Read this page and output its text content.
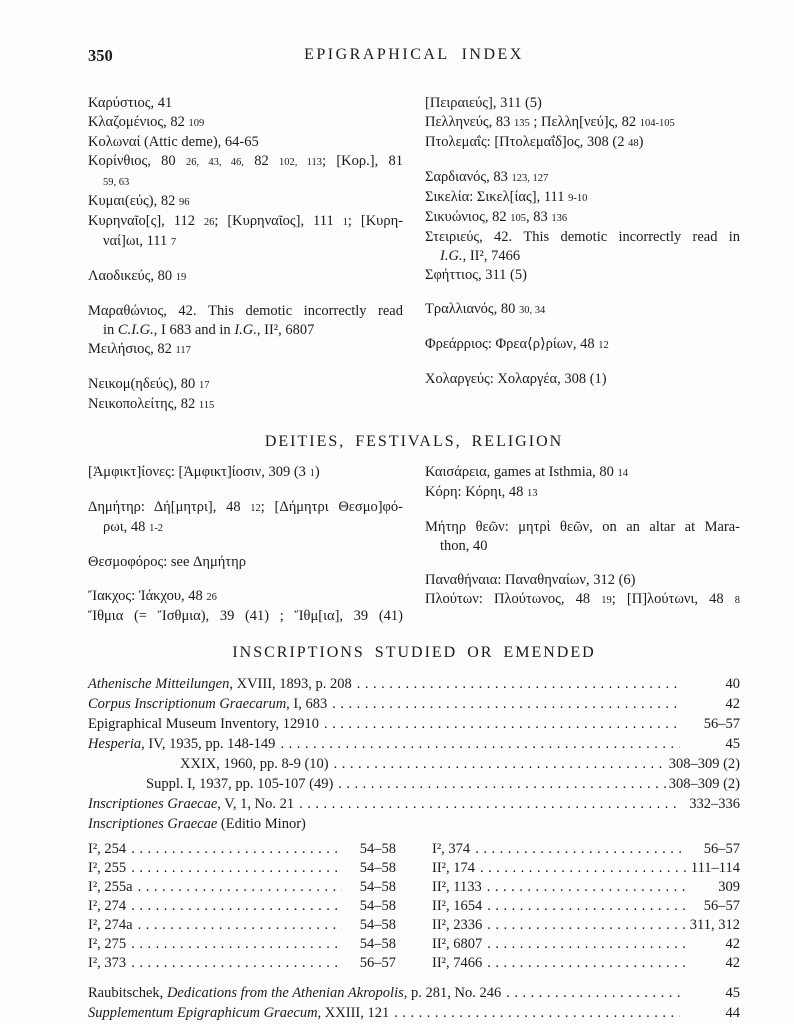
350	EPIGRAPHICAL INDEX
Καρύστιος, 41
Κλαζομένιος, 82 109
Κολωναί (Attic deme), 64-65
Κορίνθιος, 80 26, 43, 46, 82 102, 113; [Κορ.], 81
59, 63
Κυμαι(εύς), 82 96
Κυρηναῖο[ς], 112 26; [Κυρηναῖος], 111 1; [Κυρη-
ναί]ωι, 111 7
Λαοδικεύς, 80 19
Μαραθώνιος, 42. This demotic incorrectly read
in C.I.G., I 683 and in I.G., II², 6807
Μειλήσιος, 82 117
Νεικομ(ηδεύς), 80 17
Νεικοπολείτης, 82 115
[Πειραιεύς], 311 (5)
Πελληνεύς, 83 135 ; Πελλη[νεύ]ς, 82 104-105
Πτολεμαΐς: [Πτολεμαΐδ]ος, 308 (2 48)
Σαρδιανός, 83 123, 127
Σικελία: Σικελ[ίας], 111 9-10
Σικυώνιος, 82 105, 83 136
Στειριεύς, 42. This demotic incorrectly read in
I.G., II², 7466
Σφήττιος, 311 (5)
Τραλλιανός, 80 30, 34
Φρεάρριος: Φρεα⟨ρ⟩ρίων, 48 12
Χολαργεύς: Χολαργέα, 308 (1)
DEITIES, FESTIVALS, RELIGION
[Ἀμφικτ]ίονες: [Ἀμφικτ]ίοσιν, 309 (3 1)
Δημήτηρ: Δή[μητρι], 48 12; [Δήμητρι Θεσμο]φό-
ρωι, 48 1-2
Θεσμοφόρος: see Δημήτηρ
Ἴακχος: Ἰάκχου, 48 26
Ἴθμια (= Ἴσθμια), 39 (41) ; Ἴθμ[ια], 39 (41)
Καισάρεια, games at Isthmia, 80 14
Κόρη: Κόρηι, 48 13
Μήτηρ θεῶν: μητρὶ θεῶν, on an altar at Mara-
thon, 40
Παναθήναια: Παναθηναίων, 312 (6)
Πλούτων: Πλούτωνος, 48 19; [Π]λούτωνι, 48 8
INSCRIPTIONS STUDIED OR EMENDED
Athenische Mitteilungen, XVIII, 1893, p. 208 .....	40
Corpus Inscriptionum Graecarum, I, 683 .....	42
Epigraphical Museum Inventory, 12910 .....	56–57
Hesperia, IV, 1935, pp. 148-149 .....	45
XXIX, 1960, pp. 8-9 (10) .....	308–309 (2)
Suppl. I, 1937, pp. 105-107 (49) .....	308–309 (2)
Inscriptiones Graecae, V, 1, No. 21 .....	332–336
Inscriptiones Graecae (Editio Minor)
I², 254 .....	54–58
I², 255 .....	54–58
I², 255a .....	54–58
I², 274 .....	54–58
I², 274a .....	54–58
I², 275 .....	54–58
I², 373 .....	56–57
I², 374 .....	56–57
II², 174 .....	111–114
II², 1133 .....	309
II², 1654 .....	56–57
II², 2336 .....	311, 312
II², 6807 .....	42
II², 7466 .....	42
Raubitschek, Dedications from the Athenian Akropolis, p. 281, No. 246 .....	45
Supplementum Epigraphicum Graecum, XXIII, 121 .....	44
